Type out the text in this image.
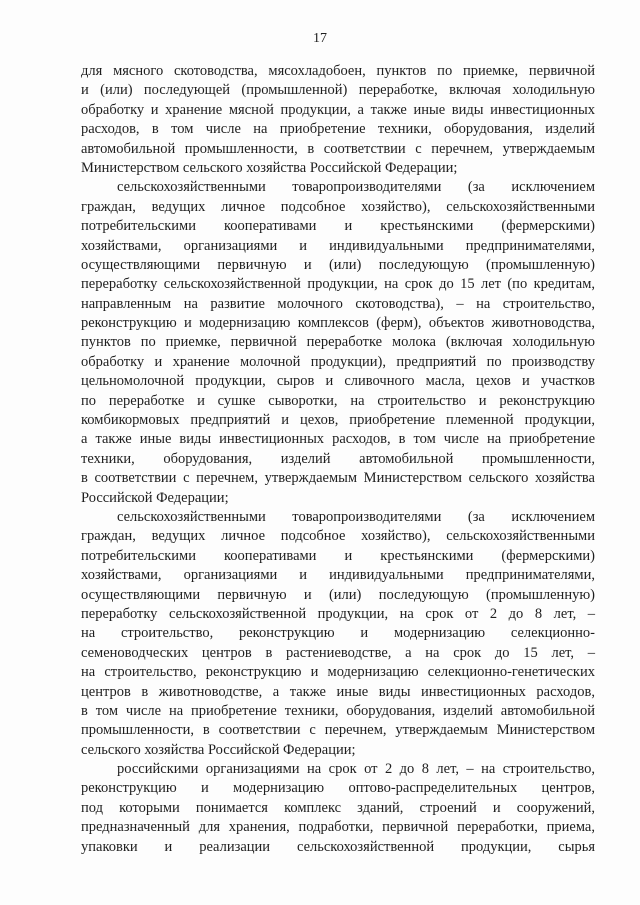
17
для мясного скотоводства, мясохладобоен, пунктов по приемке, первичной
и (или) последующей (промышленной) переработке, включая холодильную
обработку и хранение мясной продукции, а также иные виды инвестиционных
расходов, в том числе на приобретение техники, оборудования, изделий
автомобильной промышленности, в соответствии с перечнем, утверждаемым
Министерством сельского хозяйства Российской Федерации;
сельскохозяйственными товаропроизводителями (за исключением
граждан, ведущих личное подсобное хозяйство), сельскохозяйственными
потребительскими кооперативами и крестьянскими (фермерскими)
хозяйствами, организациями и индивидуальными предпринимателями,
осуществляющими первичную и (или) последующую (промышленную)
переработку сельскохозяйственной продукции, на срок до 15 лет (по кредитам,
направленным на развитие молочного скотоводства), – на строительство,
реконструкцию и модернизацию комплексов (ферм), объектов животноводства,
пунктов по приемке, первичной переработке молока (включая холодильную
обработку и хранение молочной продукции), предприятий по производству
цельномолочной продукции, сыров и сливочного масла, цехов и участков
по переработке и сушке сыворотки, на строительство и реконструкцию
комбикормовых предприятий и цехов, приобретение племенной продукции,
а также иные виды инвестиционных расходов, в том числе на приобретение
техники, оборудования, изделий автомобильной промышленности,
в соответствии с перечнем, утверждаемым Министерством сельского хозяйства
Российской Федерации;
сельскохозяйственными товаропроизводителями (за исключением
граждан, ведущих личное подсобное хозяйство), сельскохозяйственными
потребительскими кооперативами и крестьянскими (фермерскими)
хозяйствами, организациями и индивидуальными предпринимателями,
осуществляющими первичную и (или) последующую (промышленную)
переработку сельскохозяйственной продукции, на срок от 2 до 8 лет, –
на строительство, реконструкцию и модернизацию селекционно-
семеноводческих центров в растениеводстве, а на срок до 15 лет, –
на строительство, реконструкцию и модернизацию селекционно-генетических
центров в животноводстве, а также иные виды инвестиционных расходов,
в том числе на приобретение техники, оборудования, изделий автомобильной
промышленности, в соответствии с перечнем, утверждаемым Министерством
сельского хозяйства Российской Федерации;
российскими организациями на срок от 2 до 8 лет, – на строительство,
реконструкцию и модернизацию оптово-распределительных центров,
под которыми понимается комплекс зданий, строений и сооружений,
предназначенный для хранения, подработки, первичной переработки, приема,
упаковки и реализации сельскохозяйственной продукции, сырья
